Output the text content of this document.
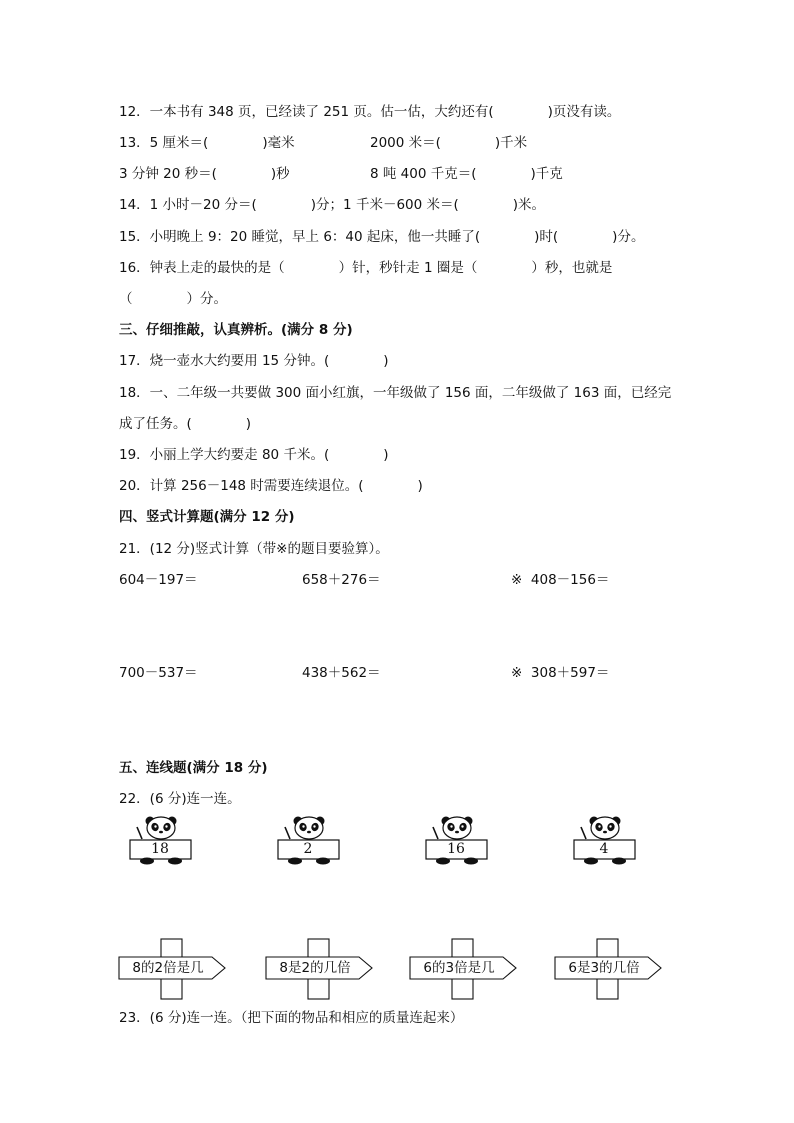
12．一本书有 348 页，已经读了 251 页。估一估，大约还有(　　　　)页没有读。
13．5 厘米＝(　　　　)毫米	2000 米＝(　　　　)千米
3 分钟 20 秒＝(　　　　)秒	8 吨 400 千克＝(　　　　)千克
14．1 小时－20 分＝(　　　　)分；1 千米－600 米＝(　　　　)米。
15．小明晚上 9：20 睡觉，早上 6：40 起床，他一共睡了(　　　　)时(　　　　)分。
16．钟表上走的最快的是（　　　　）针，秒针走 1 圈是（　　　　）秒，也就是
（　　　　）分。
三、仔细推敲，认真辨析。(满分 8 分)
17．烧一壶水大约要用 15 分钟。(　　　　)
18．一、二年级一共要做 300 面小红旗，一年级做了 156 面，二年级做了 163 面，已经完
成了任务。(　　　　)
19．小丽上学大约要走 80 千米。(　　　　)
20．计算 256－148 时需要连续退位。(　　　　)
四、竖式计算题(满分 12 分)
21．(12 分)竖式计算（带※的题目要验算）。
604－197＝	658＋276＝	※  408－156＝
700－537＝	438＋562＝	※  308＋597＝
五、连线题(满分 18 分)
22．(6 分)连一连。
18	2	16	4
8的2倍是几	8是2的几倍	6的3倍是几	6是3的几倍
23．(6 分)连一连。（把下面的物品和相应的质量连起来）
